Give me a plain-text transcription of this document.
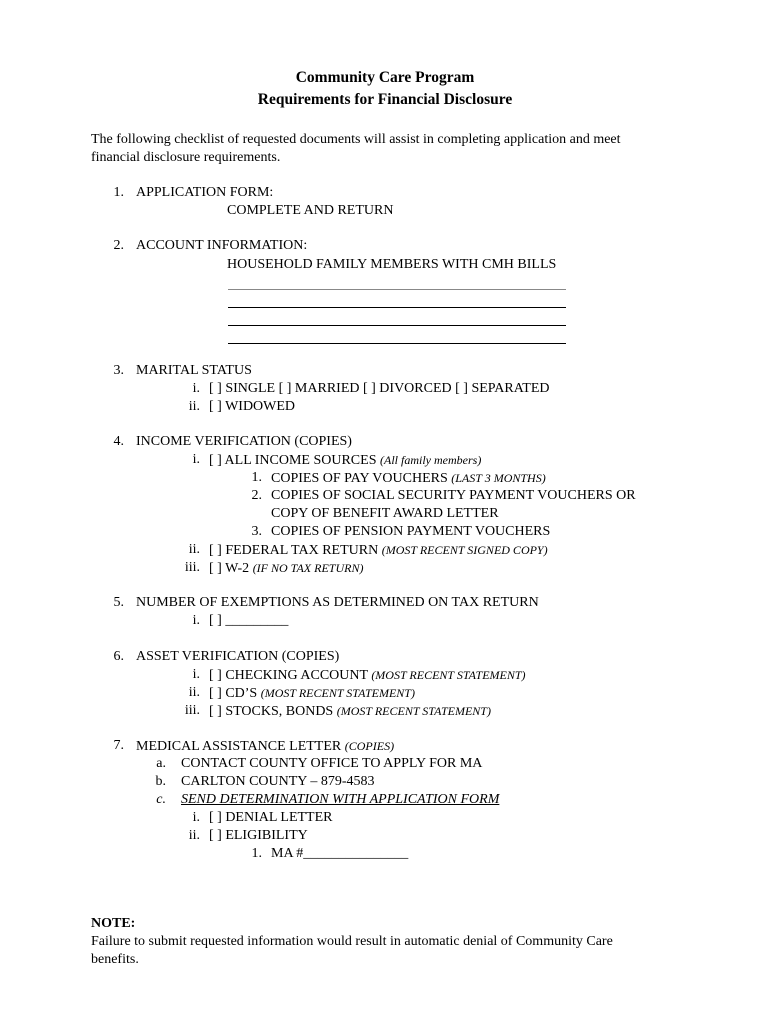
Community Care Program
Requirements for Financial Disclosure
The following checklist of requested documents will assist in completing application and meet
financial disclosure requirements.
1. APPLICATION FORM:
COMPLETE AND RETURN
2. ACCOUNT INFORMATION:
HOUSEHOLD FAMILY MEMBERS WITH CMH BILLS
3. MARITAL STATUS
i. [ ] SINGLE [ ] MARRIED [ ] DIVORCED [ ] SEPARATED
ii. [ ] WIDOWED
4. INCOME VERIFICATION (COPIES)
i. [ ] ALL INCOME SOURCES (All family members)
1. COPIES OF PAY VOUCHERS (LAST 3 MONTHS)
2. COPIES OF SOCIAL SECURITY PAYMENT VOUCHERS OR
COPY OF BENEFIT AWARD LETTER
3. COPIES OF PENSION PAYMENT VOUCHERS
ii. [ ] FEDERAL TAX RETURN (MOST RECENT SIGNED COPY)
iii. [ ] W-2 (IF NO TAX RETURN)
5. NUMBER OF EXEMPTIONS AS DETERMINED ON TAX RETURN
i. [ ] _________
6. ASSET VERIFICATION (COPIES)
i. [ ] CHECKING ACCOUNT (MOST RECENT STATEMENT)
ii. [ ] CD’S (MOST RECENT STATEMENT)
iii. [ ] STOCKS, BONDS (MOST RECENT STATEMENT)
7. MEDICAL ASSISTANCE LETTER (COPIES)
a. CONTACT COUNTY OFFICE TO APPLY FOR MA
b. CARLTON COUNTY – 879-4583
c. SEND DETERMINATION WITH APPLICATION FORM
i. [ ] DENIAL LETTER
ii. [ ] ELIGIBILITY
1. MA #_______________
NOTE:
Failure to submit requested information would result in automatic denial of Community Care
benefits.
